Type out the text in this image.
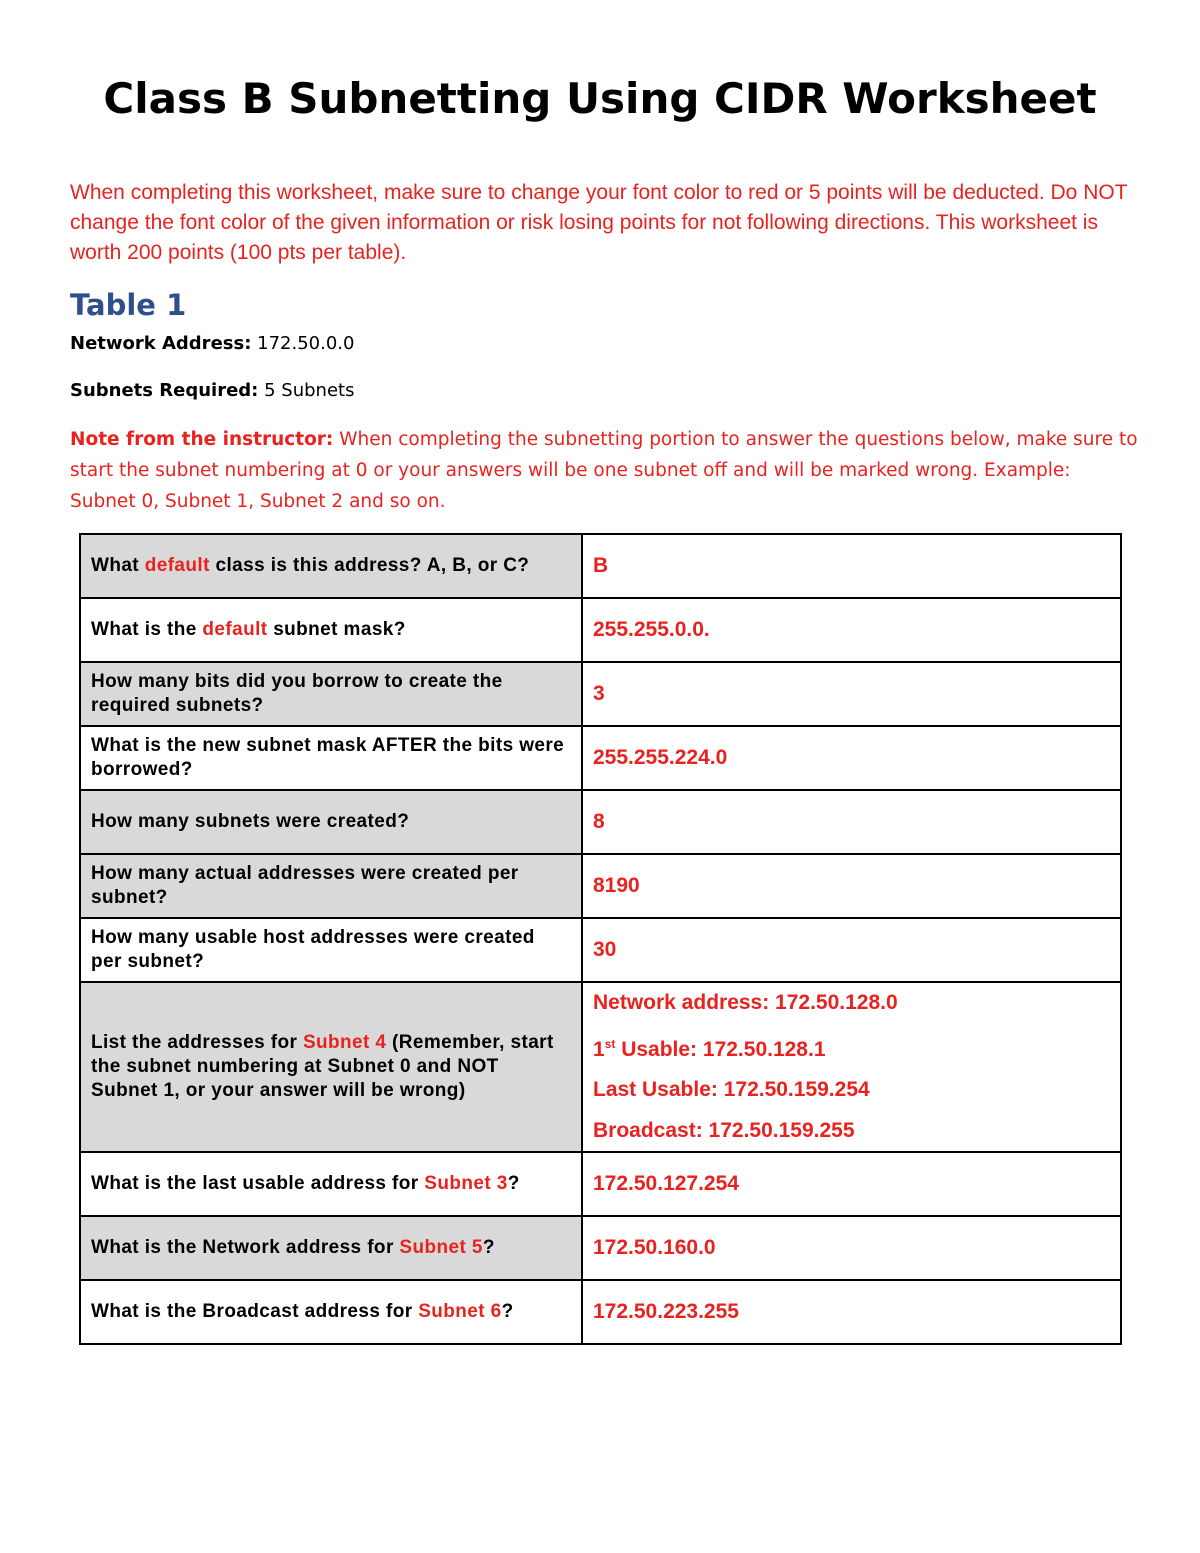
Class B Subnetting Using CIDR Worksheet
When completing this worksheet, make sure to change your font color to red or 5 points will be deducted. Do NOT change the font color of the given information or risk losing points for not following directions. This worksheet is worth 200 points (100 pts per table).
Table 1
Network Address: 172.50.0.0
Subnets Required: 5 Subnets
Note from the instructor: When completing the subnetting portion to answer the questions below, make sure to start the subnet numbering at 0 or your answers will be one subnet off and will be marked wrong. Example: Subnet 0, Subnet 1, Subnet 2 and so on.
What default class is this address? A, B, or C?	B
What is the default subnet mask?	255.255.0.0.
How many bits did you borrow to create the required subnets?	3
What is the new subnet mask AFTER the bits were borrowed?	255.255.224.0
How many subnets were created?	8
How many actual addresses were created per subnet?	8190
How many usable host addresses were created per subnet?	30
List the addresses for Subnet 4 (Remember, start the subnet numbering at Subnet 0 and NOT Subnet 1, or your answer will be wrong)	Network address: 172.50.128.0
1st Usable: 172.50.128.1
Last Usable: 172.50.159.254
Broadcast: 172.50.159.255

What is the last usable address for Subnet 3?	172.50.127.254
What is the Network address for Subnet 5?	172.50.160.0
What is the Broadcast address for Subnet 6?	172.50.223.255
